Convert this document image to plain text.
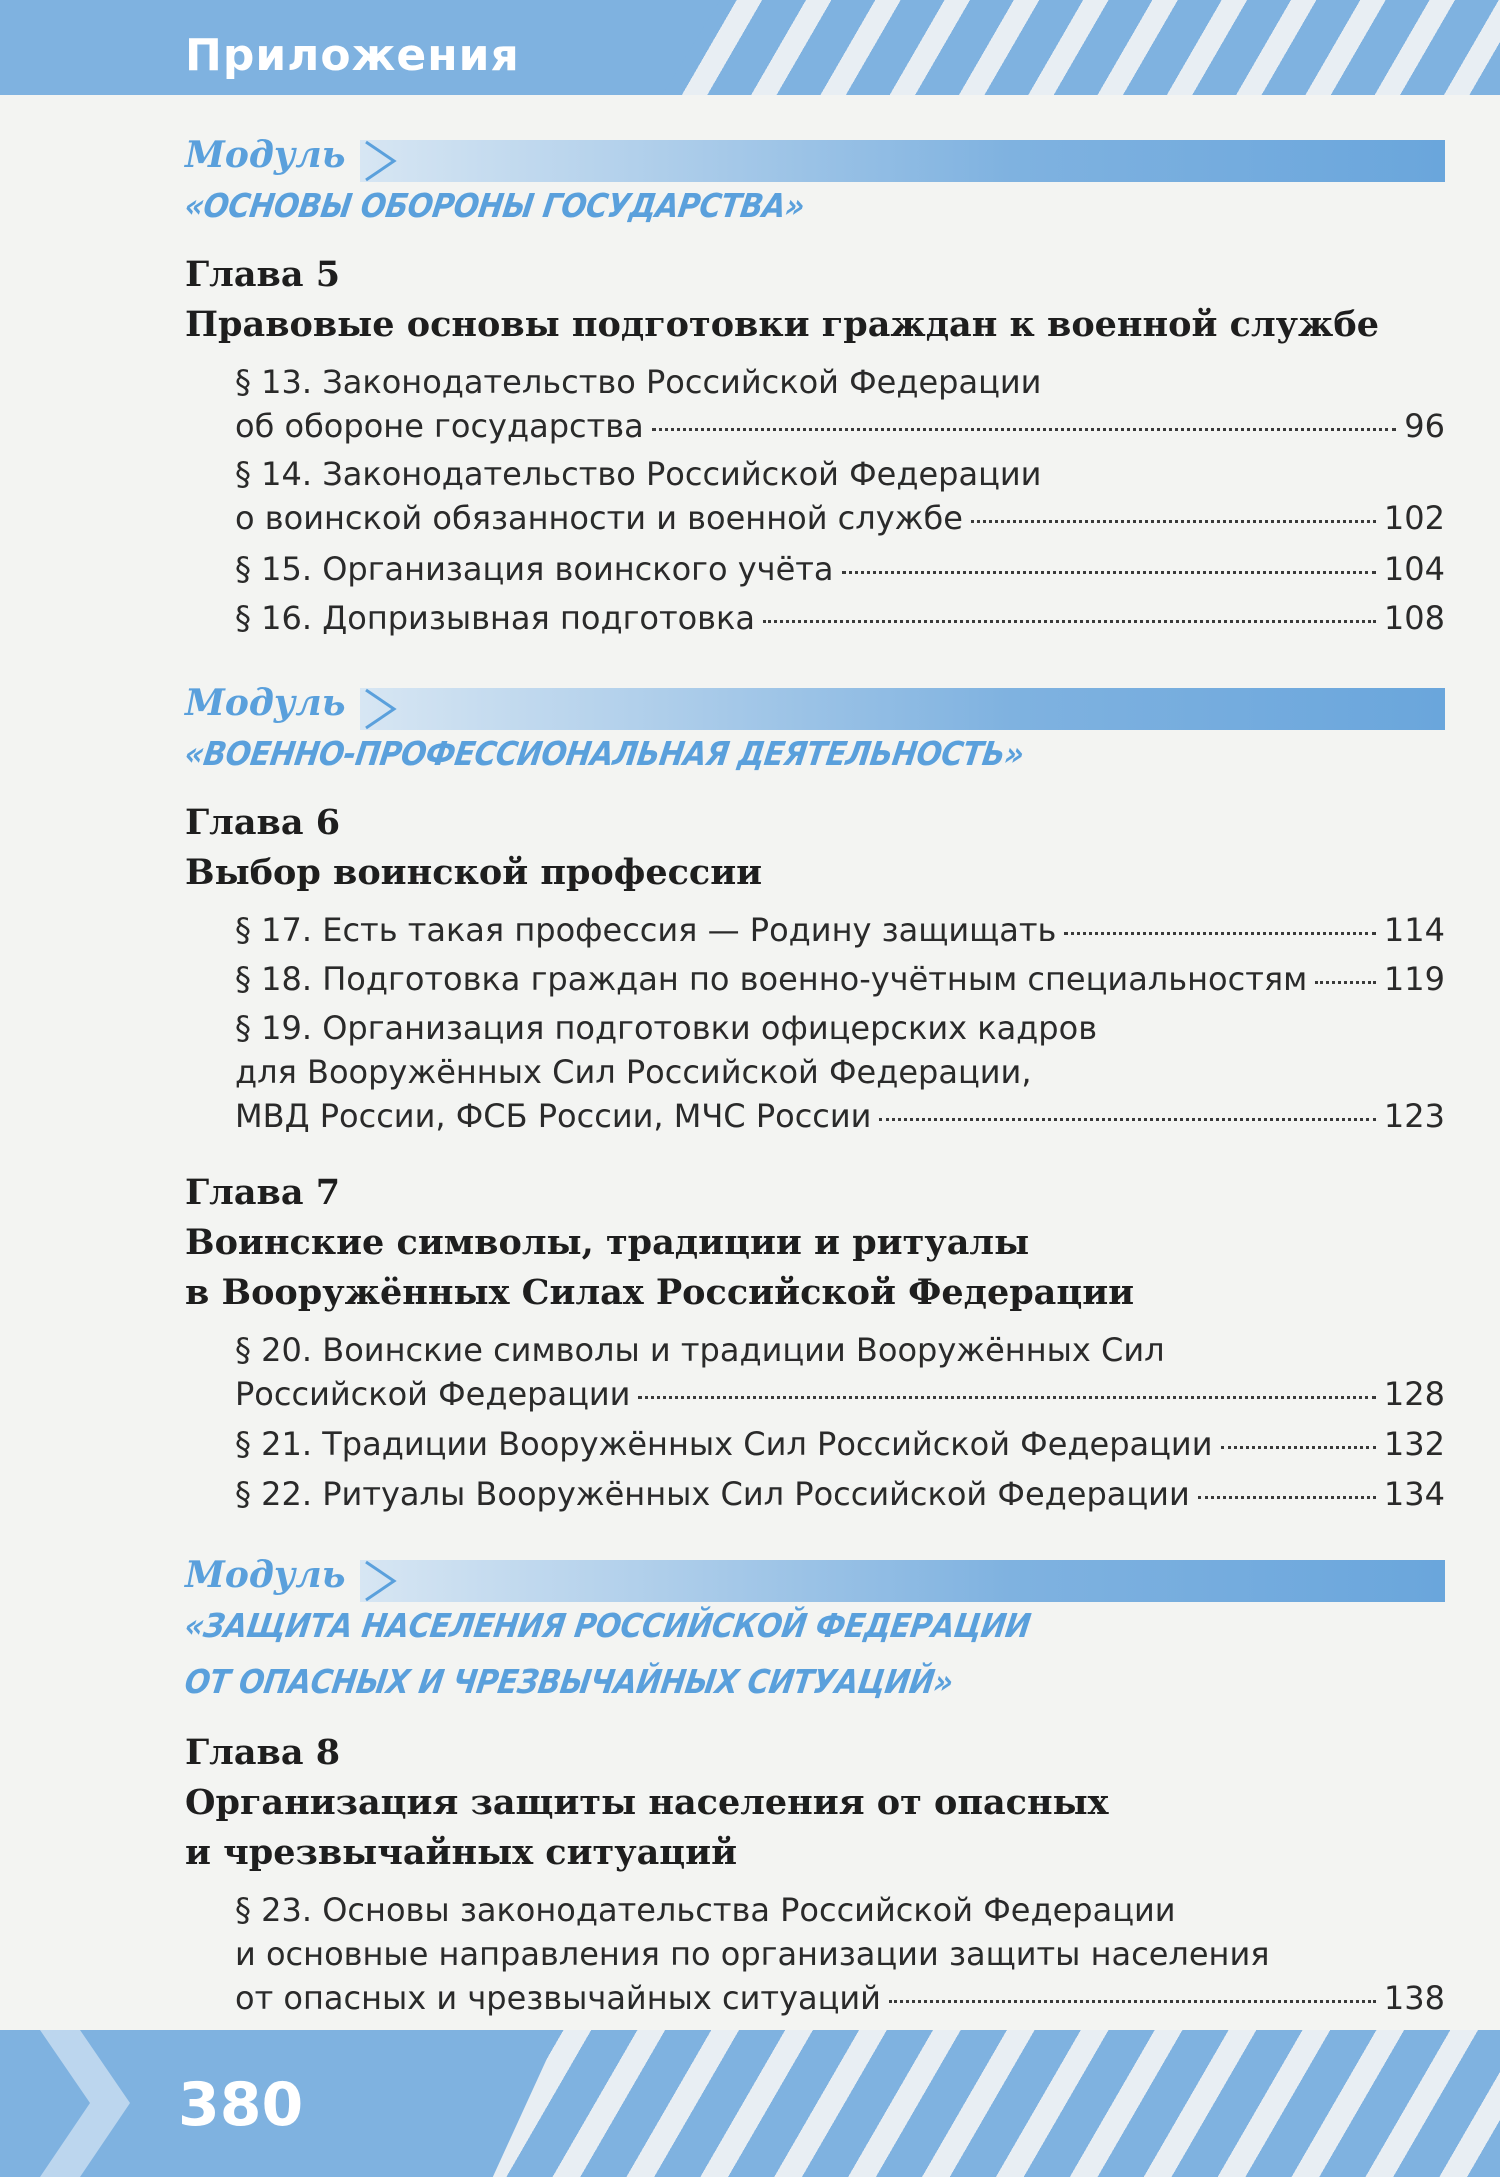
Приложения
Модуль
«ОСНОВЫ ОБОРОНЫ ГОСУДАРСТВА»
Глава 5
Правовые основы подготовки граждан к военной службе
§ 13. Законодательство Российской Федерации
об обороне государства	96
§ 14. Законодательство Российской Федерации
о воинской обязанности и военной службе	102
§ 15. Организация воинского учёта	104
§ 16. Допризывная подготовка	108
Модуль
«ВОЕННО-ПРОФЕССИОНАЛЬНАЯ ДЕЯТЕЛЬНОСТЬ»
Глава 6
Выбор воинской профессии
§ 17. Есть такая профессия — Родину защищать	114
§ 18. Подготовка граждан по военно-учётным специальностям 119
§ 19. Организация подготовки офицерских кадров
для Вооружённых Сил Российской Федерации,
МВД России, ФСБ России, МЧС России	123
Глава 7
Воинские символы, традиции и ритуалы
в Вооружённых Силах Российской Федерации
§ 20. Воинские символы и традиции Вооружённых Сил
Российской Федерации	128
§ 21. Традиции Вооружённых Сил Российской Федерации	132
§ 22. Ритуалы Вооружённых Сил Российской Федерации	134
Модуль
«ЗАЩИТА НАСЕЛЕНИЯ РОССИЙСКОЙ ФЕДЕРАЦИИ
ОТ ОПАСНЫХ И ЧРЕЗВЫЧАЙНЫХ СИТУАЦИЙ»
Глава 8
Организация защиты населения от опасных
и чрезвычайных ситуаций
§ 23. Основы законодательства Российской Федерации
и основные направления по организации защиты населения
от опасных и чрезвычайных ситуаций	138
380
